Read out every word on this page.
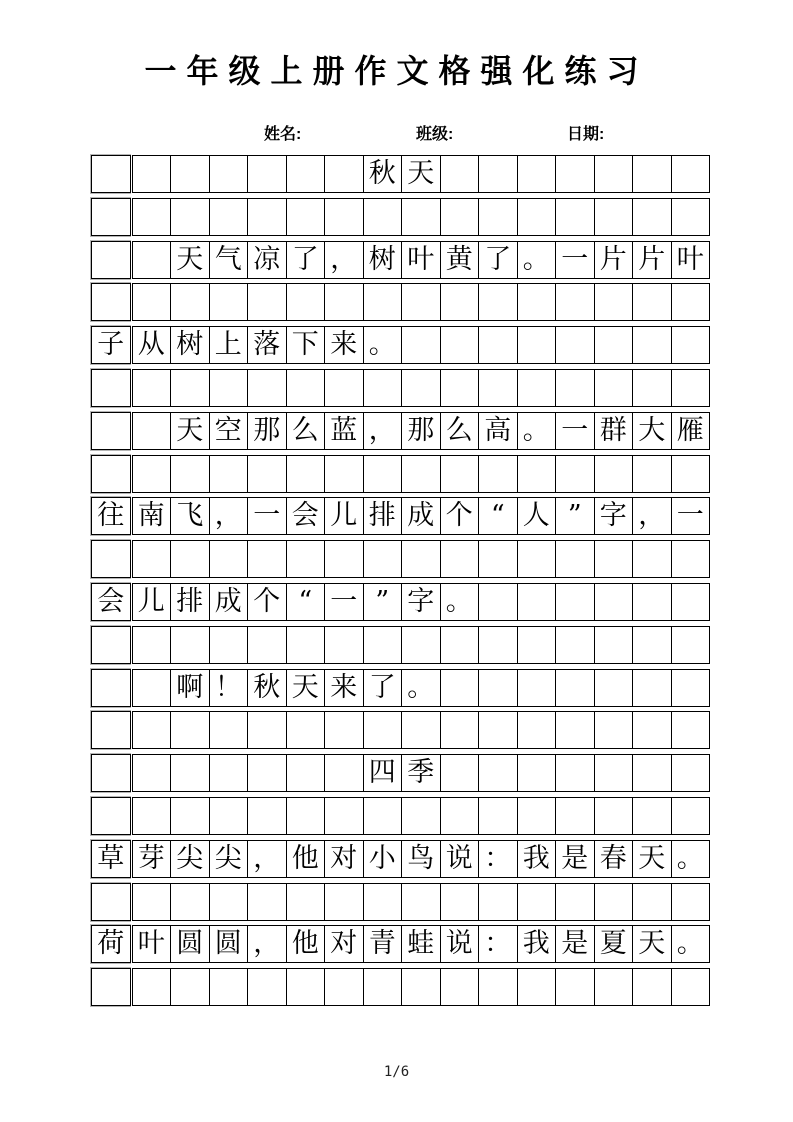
一年级上册作文格强化练习
姓名:	班级:	日期:
秋 天
天 气 凉 了 ， 树 叶 黄 了 。 一 片 片 叶
子 从 树 上 落 下 来 。
天 空 那 么 蓝 ， 那 么 高 。 一 群 大 雁
往 南 飞 ， 一 会 儿 排 成 个 “ 人 ” 字 ， 一
会 儿 排 成 个 “ 一 ” 字 。
啊 ！ 秋 天 来 了 。
四 季
草 芽 尖 尖 ， 他 对 小 鸟 说 ： 我 是 春 天 。
荷 叶 圆 圆 ， 他 对 青 蛙 说 ： 我 是 夏 天 。
1/6
